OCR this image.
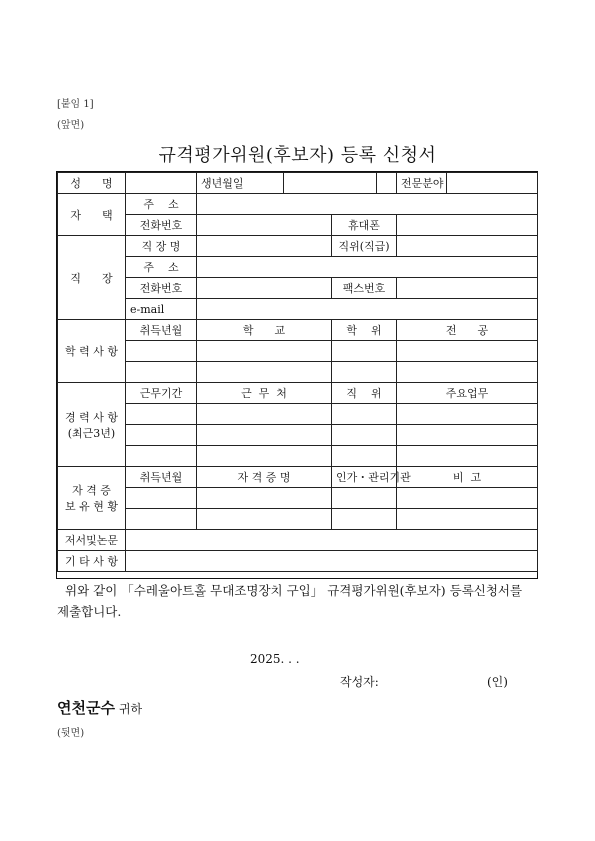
[붙임 1]
(앞면)
규격평가위원(후보자) 등록 신청서
성      명		생년월일				전문분야	
자      택	주    소						
	전화번호			휴대폰			
직      장	직 장 명			직위(직급)			
	주    소						
	전화번호			팩스번호			
	e-mail						
학 력 사 항	취득년월	학      교		학    위		전      공	

경 력 사 항
(최근3년)	근무기간	근  무  처		직    위		주요업무	

자 격 증
보 유 현 황	취득년월	자 격 증 명		인가・관리기관		비  고	

저서및논문							
기 타 사 항							
위와 같이 「수레울아트홀 무대조명장치 구입」 규격평가위원(후보자) 등록신청서를
제출합니다.
2025. . .
작성자:	(인)
연천군수 귀하
(뒷면)
